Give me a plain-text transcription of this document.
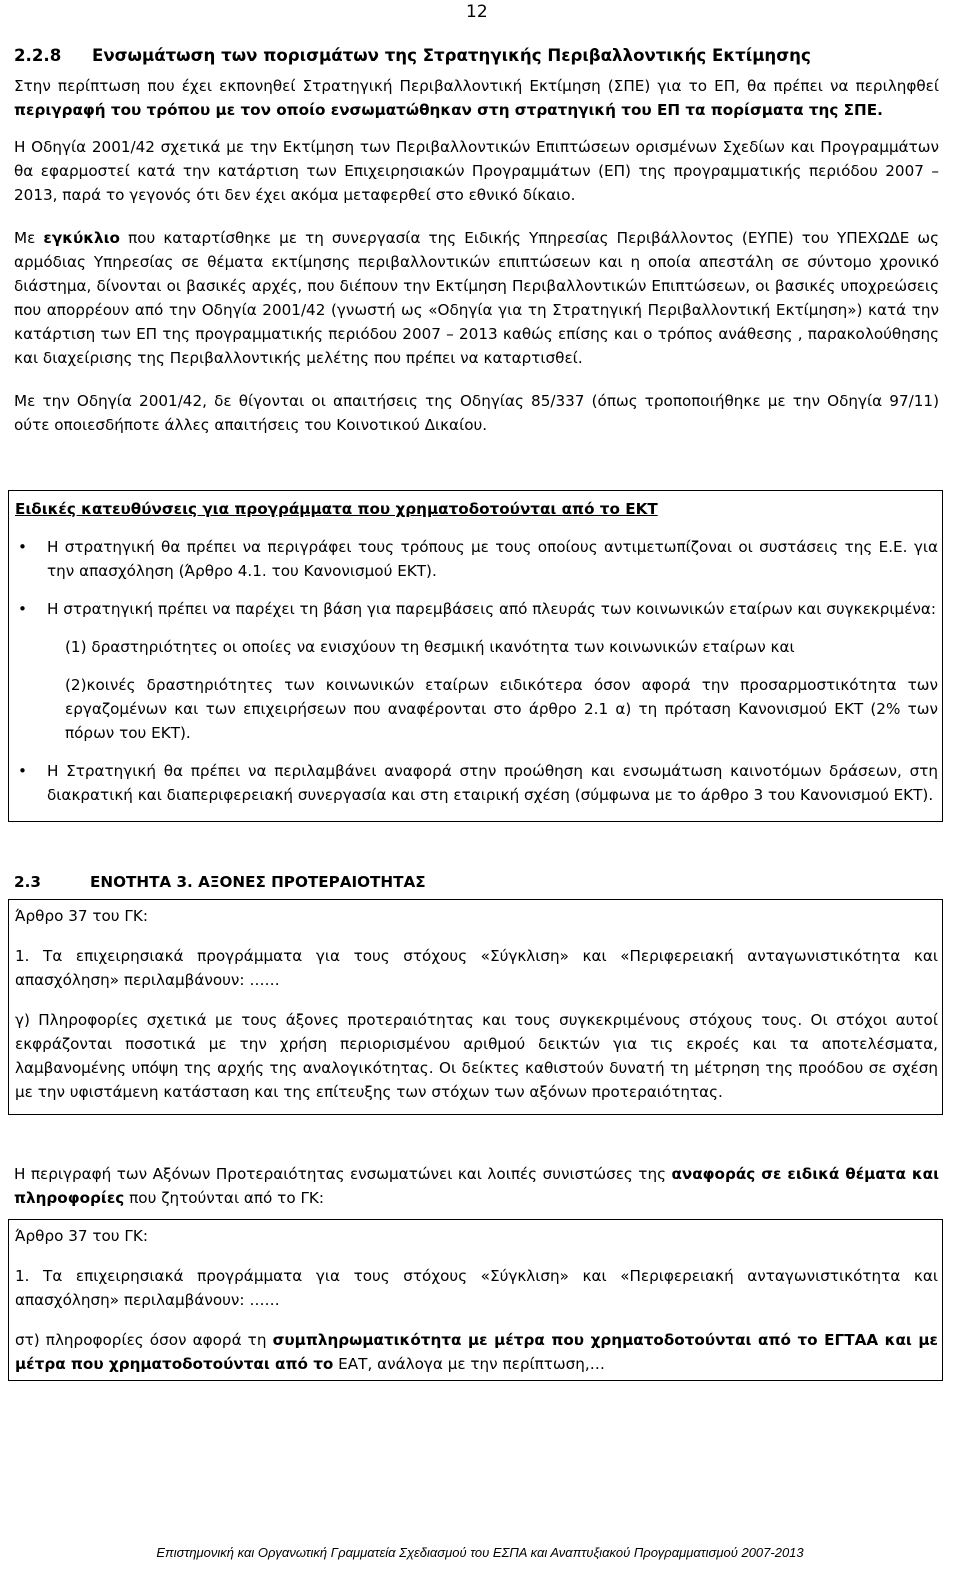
12
2.2.8 Ενσωμάτωση των πορισμάτων της Στρατηγικής Περιβαλλοντικής Εκτίμησης

Στην περίπτωση που έχει εκπονηθεί Στρατηγική Περιβαλλοντική Εκτίμηση (ΣΠΕ) για το ΕΠ, θα πρέπει να περιληφθεί περιγραφή του τρόπου με τον οποίο ενσωματώθηκαν στη στρατηγική του ΕΠ τα πορίσματα της ΣΠΕ.

Η Οδηγία 2001/42 σχετικά με την Εκτίμηση των Περιβαλλοντικών Επιπτώσεων ορισμένων Σχεδίων και Προγραμμάτων θα εφαρμοστεί κατά την κατάρτιση των Επιχειρησιακών Προγραμμάτων (ΕΠ) της προγραμματικής περιόδου 2007 – 2013, παρά το γεγονός ότι δεν έχει ακόμα μεταφερθεί στο εθνικό δίκαιο.

Με εγκύκλιο που καταρτίσθηκε με τη συνεργασία της Ειδικής Υπηρεσίας Περιβάλλοντος (ΕΥΠΕ) του ΥΠΕΧΩΔΕ ως αρμόδιας Υπηρεσίας σε θέματα εκτίμησης περιβαλλοντικών επιπτώσεων και η οποία απεστάλη σε σύντομο χρονικό διάστημα, δίνονται οι βασικές αρχές, που διέπουν την Εκτίμηση Περιβαλλοντικών Επιπτώσεων, οι βασικές υποχρεώσεις που απορρέουν από την Οδηγία 2001/42 (γνωστή ως «Οδηγία για τη Στρατηγική Περιβαλλοντική Εκτίμηση») κατά την κατάρτιση των ΕΠ της προγραμματικής περιόδου 2007 – 2013 καθώς επίσης και ο τρόπος ανάθεσης , παρακολούθησης και διαχείρισης της Περιβαλλοντικής μελέτης που πρέπει να καταρτισθεί.

Με την Οδηγία 2001/42, δε θίγονται οι απαιτήσεις της Οδηγίας 85/337 (όπως τροποποιήθηκε με την Οδηγία 97/11) ούτε οποιεσδήποτε άλλες απαιτήσεις του Κοινοτικού Δικαίου.

Ειδικές κατευθύνσεις για προγράμματα που χρηματοδοτούνται από το ΕΚΤ
• Η στρατηγική θα πρέπει να περιγράφει τους τρόπους με τους οποίους αντιμετωπίζοναι οι συστάσεις της Ε.Ε. για την απασχόληση (Άρθρο 4.1. του Κανονισμού ΕΚΤ).
• Η στρατηγική πρέπει να παρέχει τη βάση για παρεμβάσεις από πλευράς των κοινωνικών εταίρων και συγκεκριμένα:
(1) δραστηριότητες οι οποίες να ενισχύουν τη θεσμική ικανότητα των κοινωνικών εταίρων και
(2)κοινές δραστηριότητες των κοινωνικών εταίρων ειδικότερα όσον αφορά την προσαρμοστικότητα των εργαζομένων και των επιχειρήσεων που αναφέρονται στο άρθρο 2.1 α) τη πρόταση Κανονισμού ΕΚΤ (2% των πόρων του ΕΚΤ).
• Η Στρατηγική θα πρέπει να περιλαμβάνει αναφορά στην προώθηση και ενσωμάτωση καινοτόμων δράσεων, στη διακρατική και διαπεριφερειακή συνεργασία και στη εταιρική σχέση (σύμφωνα με το άρθρο 3 του Κανονισμού ΕΚΤ).
2.3	ΕΝΟΤΗΤΑ 3. ΑΞΟΝΕΣ ΠΡΟΤΕΡΑΙΟΤΗΤΑΣ
Άρθρο 37 του ΓΚ:
1. Τα επιχειρησιακά προγράμματα για τους στόχους «Σύγκλιση» και «Περιφερειακή ανταγωνιστικότητα και απασχόληση» περιλαμβάνουν: ……
γ) Πληροφορίες σχετικά με τους άξονες προτεραιότητας και τους συγκεκριμένους στόχους τους. Οι στόχοι αυτοί εκφράζονται ποσοτικά με την χρήση περιορισμένου αριθμού δεικτών για τις εκροές και τα αποτελέσματα, λαμβανομένης υπόψη της αρχής της αναλογικότητας. Οι δείκτες καθιστούν δυνατή τη μέτρηση της προόδου σε σχέση με την υφιστάμενη κατάσταση και της επίτευξης των στόχων των αξόνων προτεραιότητας.

Η περιγραφή των Αξόνων Προτεραιότητας ενσωματώνει και λοιπές συνιστώσες της αναφοράς σε ειδικά θέματα και πληροφορίες που ζητούνται από το ΓΚ:

Άρθρο 37 του ΓΚ:
1. Τα επιχειρησιακά προγράμματα για τους στόχους «Σύγκλιση» και «Περιφερειακή ανταγωνιστικότητα και απασχόληση» περιλαμβάνουν: ……
στ) πληροφορίες όσον αφορά τη συμπληρωματικότητα με μέτρα που χρηματοδοτούνται από το ΕΓΤΑΑ και με μέτρα που χρηματοδοτούνται από το ΕΑΤ, ανάλογα με την περίπτωση,…
Επιστημονική και Οργανωτική Γραμματεία Σχεδιασμού του ΕΣΠΑ και Αναπτυξιακού Προγραμματισμού 2007-2013
